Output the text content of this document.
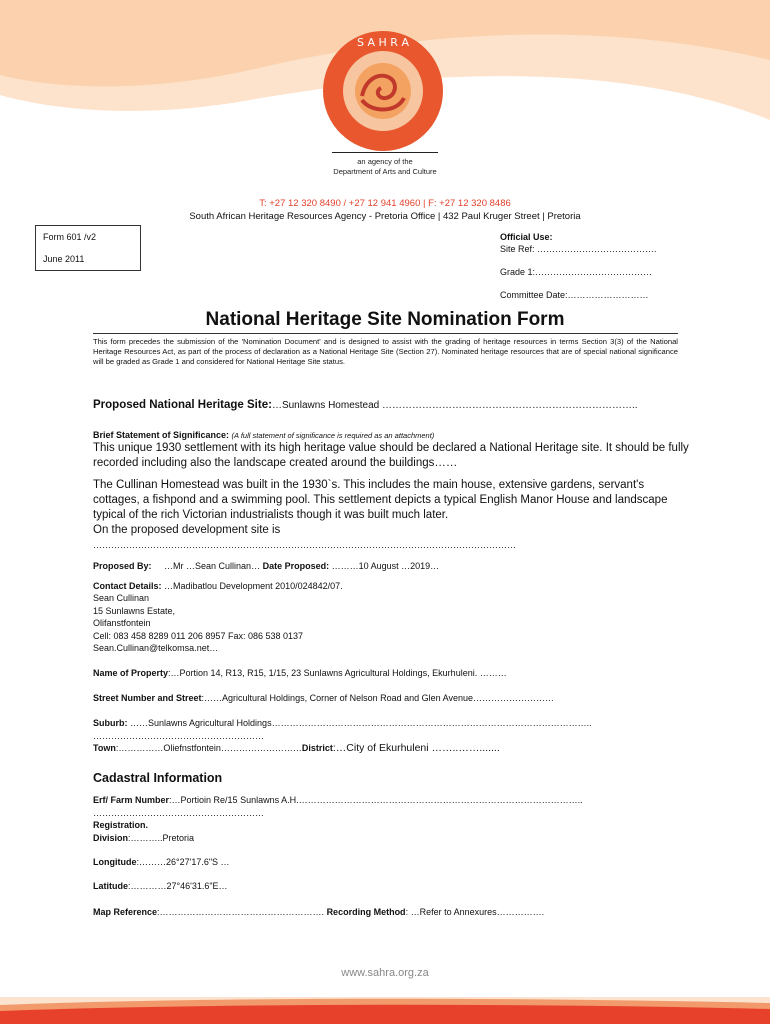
S A H R A
an agency of the
Department of Arts and Culture
T: +27 12 320 8490 / +27 12 941 4960 | F: +27 12 320 8486
South African Heritage Resources Agency - Pretoria Office | 432 Paul Kruger Street | Pretoria
Form 601 /v2
June 2011
Official Use:
Site Ref: ………………………………….
Grade 1:…………………………………
Committee Date:………………………
National Heritage Site Nomination Form
This form precedes the submission of the 'Nomination Document' and is designed to assist with the grading of heritage resources in terms Section 3(3) of the National Heritage Resources Act, as part of the process of declaration as a National Heritage Site (Section 27). Nominated heritage resources that are of special national significance will be graded as Grade 1 and considered for National Heritage Site status.
Proposed National Heritage Site:…Sunlawns Homestead …………………………………………………………………..
Brief Statement of Significance: (A full statement of significance is required as an attachment)
This unique 1930 settlement with its high heritage value should be declared a National Heritage site. It should be fully recorded including also the landscape created around the buildings……
The Cullinan Homestead was built in the 1930`s. This includes the main house, extensive gardens, servant's cottages, a fishpond and a swimming pool. This settlement depicts a typical English Manor House and landscape typical of the rich Victorian industrialists though it was built much later.
On the proposed development site is
……………………………………………………………………………………………………………………………
Proposed By: …Mr …Sean Cullinan… Date Proposed: ………10 August …2019…
Contact Details: …Madibatlou Development 2010/024842/07.
Sean Cullinan
15 Sunlawns Estate,
Olifanstfontein
Cell: 083 458 8289 011 206 8957 Fax: 086 538 0137
Sean.Cullinan@telkomsa.net…
Name of Property:…Portion 14, R13, R15, 1/15, 23 Sunlawns Agricultural Holdings, Ekurhuleni. ………
Street Number and Street:……Agricultural Holdings, Corner of Nelson Road and Glen Avenue………………………
Suburb: ……Sunlawns Agricultural Holdings……………………………………………………………………………………………..
…………………………………………………
Town:……………Oliefnstfontein………………………District:…City of Ekurhuleni ……..…….......
Cadastral Information
Erf/ Farm Number:…Portioin Re/15 Sunlawns A.H.…………………………………………………………………………………..
…………………………………………………
Registration.
Division:………..Pretoria
Longitude:………26°27'17.6"S …
Latitude:…………27°46'31.6"E…
Map Reference:………………………………………………. Recording Method: …Refer to Annexures…………….
www.sahra.org.za
